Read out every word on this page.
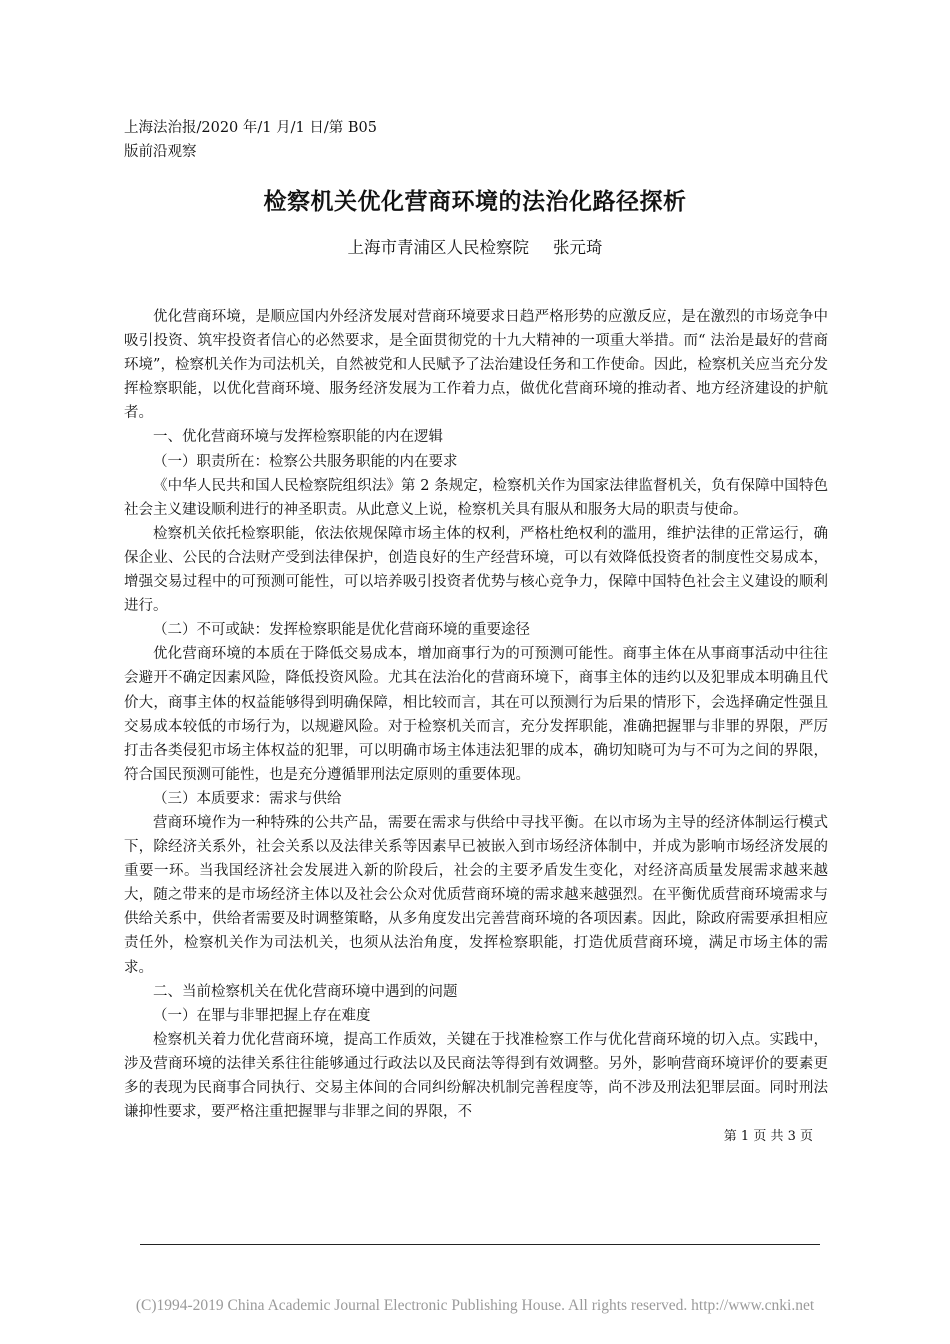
上海法治报/2020 年/1 月/1 日/第 B05
版前沿观察
检察机关优化营商环境的法治化路径探析
上海市青浦区人民检察院 张元琦

优化营商环境，是顺应国内外经济发展对营商环境要求日趋严格形势的应激反应，是在激烈的市场竞争中吸引投资、筑牢投资者信心的必然要求，是全面贯彻党的十九大精神的一项重大举措。而“ 法治是最好的营商环境”，检察机关作为司法机关，自然被党和人民赋予了法治建设任务和工作使命。因此，检察机关应当充分发挥检察职能，以优化营商环境、服务经济发展为工作着力点，做优化营商环境的推动者、地方经济建设的护航者。

一、优化营商环境与发挥检察职能的内在逻辑

（一）职责所在：检察公共服务职能的内在要求

《中华人民共和国人民检察院组织法》第 2 条规定，检察机关作为国家法律监督机关，负有保障中国特色社会主义建设顺利进行的神圣职责。从此意义上说，检察机关具有服从和服务大局的职责与使命。

检察机关依托检察职能，依法依规保障市场主体的权利，严格杜绝权利的滥用，维护法律的正常运行，确保企业、公民的合法财产受到法律保护，创造良好的生产经营环境，可以有效降低投资者的制度性交易成本，增强交易过程中的可预测可能性，可以培养吸引投资者优势与核心竞争力，保障中国特色社会主义建设的顺利进行。

（二）不可或缺：发挥检察职能是优化营商环境的重要途径

优化营商环境的本质在于降低交易成本，增加商事行为的可预测可能性。商事主体在从事商事活动中往往会避开不确定因素风险，降低投资风险。尤其在法治化的营商环境下，商事主体的违约以及犯罪成本明确且代价大，商事主体的权益能够得到明确保障，相比较而言，其在可以预测行为后果的情形下，会选择确定性强且交易成本较低的市场行为，以规避风险。对于检察机关而言，充分发挥职能，准确把握罪与非罪的界限，严厉打击各类侵犯市场主体权益的犯罪，可以明确市场主体违法犯罪的成本，确切知晓可为与不可为之间的界限，符合国民预测可能性，也是充分遵循罪刑法定原则的重要体现。

（三）本质要求：需求与供给

营商环境作为一种特殊的公共产品，需要在需求与供给中寻找平衡。在以市场为主导的经济体制运行模式下，除经济关系外，社会关系以及法律关系等因素早已被嵌入到市场经济体制中，并成为影响市场经济发展的重要一环。当我国经济社会发展进入新的阶段后，社会的主要矛盾发生变化，对经济高质量发展需求越来越大，随之带来的是市场经济主体以及社会公众对优质营商环境的需求越来越强烈。在平衡优质营商环境需求与供给关系中，供给者需要及时调整策略，从多角度发出完善营商环境的各项因素。因此，除政府需要承担相应责任外，检察机关作为司法机关，也须从法治角度，发挥检察职能，打造优质营商环境，满足市场主体的需求。

二、当前检察机关在优化营商环境中遇到的问题

（一）在罪与非罪把握上存在难度

检察机关着力优化营商环境，提高工作质效，关键在于找准检察工作与优化营商环境的切入点。实践中，涉及营商环境的法律关系往往能够通过行政法以及民商法等得到有效调整。另外，影响营商环境评价的要素更多的表现为民商事合同执行、交易主体间的合同纠纷解决机制完善程度等，尚不涉及刑法犯罪层面。同时刑法谦抑性要求，要严格注重把握罪与非罪之间的界限，不

第 1 页 共 3 页
(C)1994-2019 China Academic Journal Electronic Publishing House. All rights reserved. http://www.cnki.net
